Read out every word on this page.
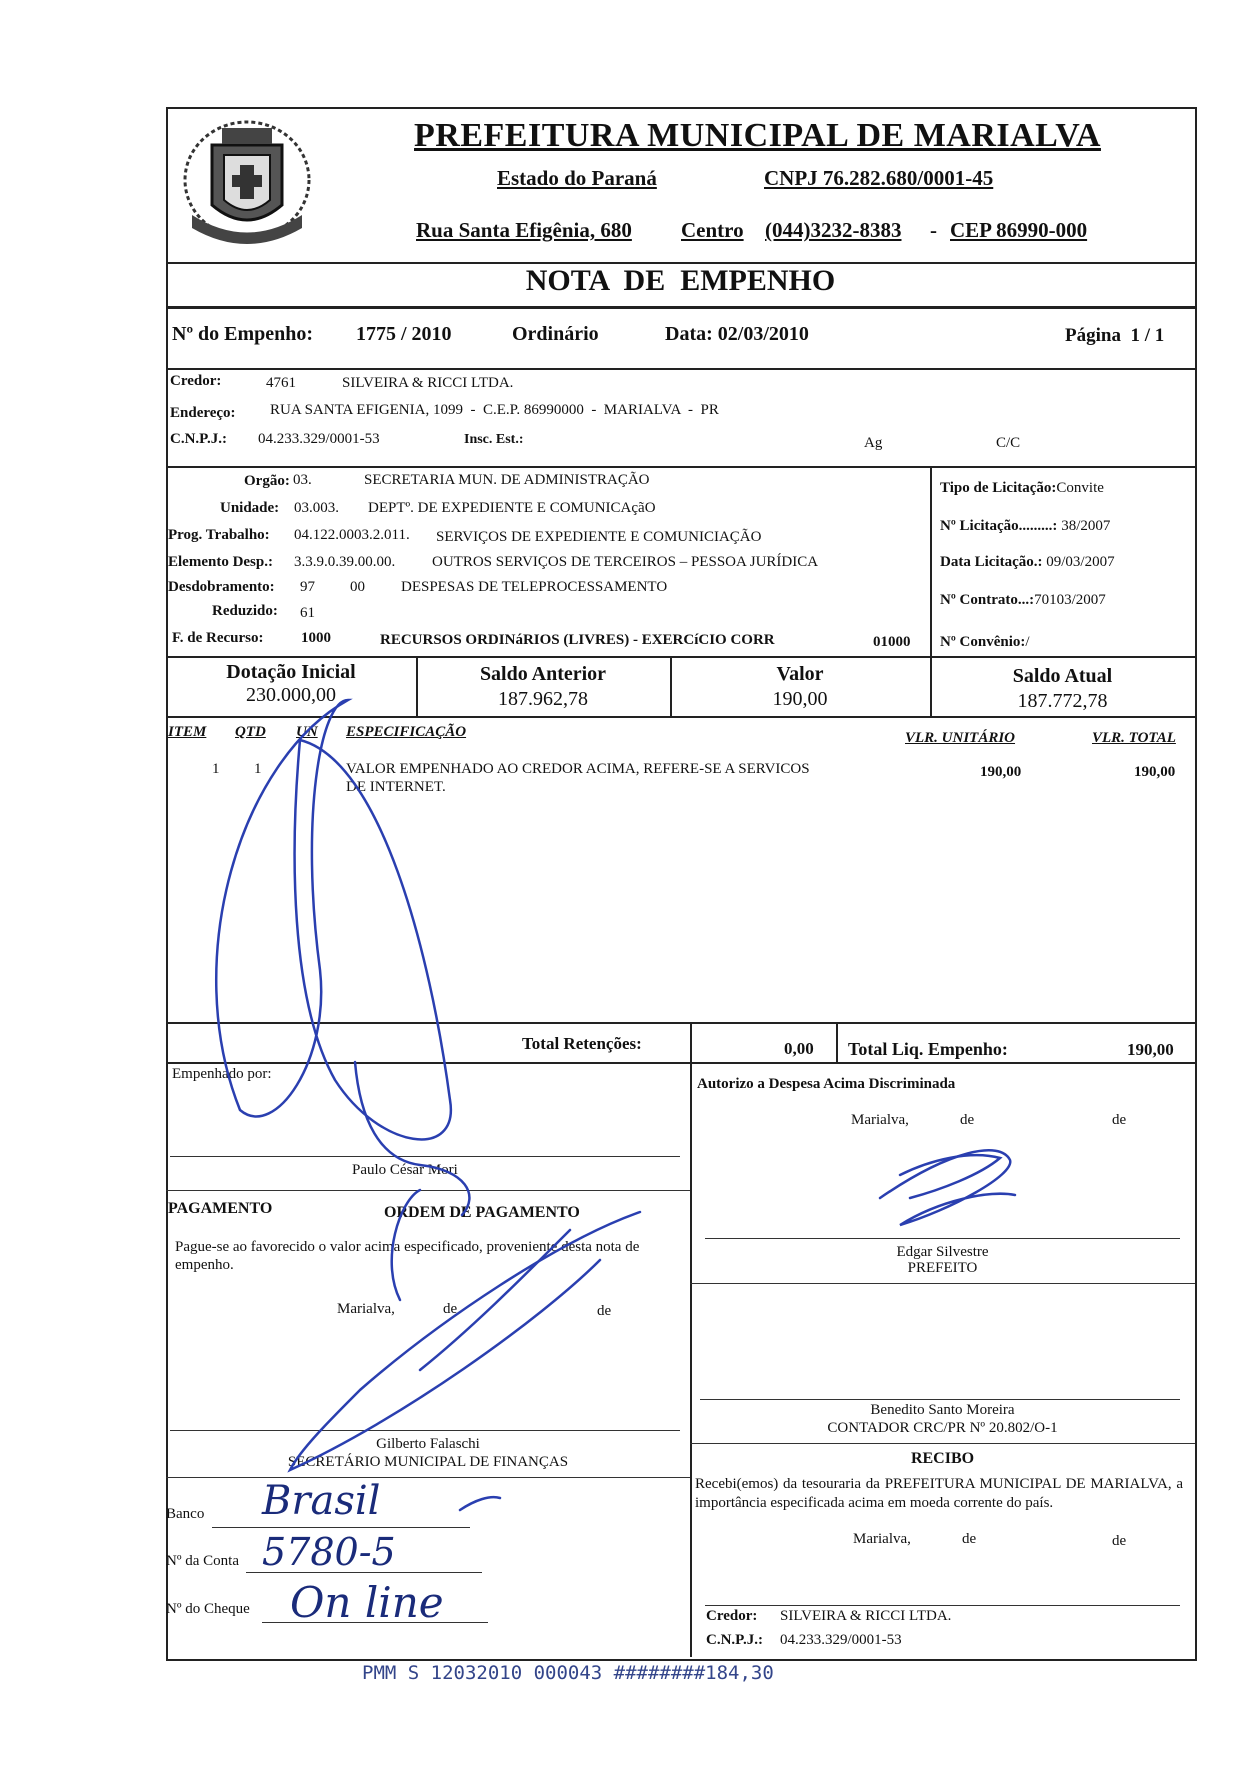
PREFEITURA MUNICIPAL DE MARIALVA
Estado do Paraná	CNPJ 76.282.680/0001-45
Rua Santa Efigênia, 680 Centro (044)3232-8383 - CEP 86990-000
NOTA  DE  EMPENHO
Nº do Empenho: 1775 / 2010	Ordinário	Data: 02/03/2010	Página  1 / 1
Credor:	4761	SILVEIRA & RICCI LTDA.
Endereço: RUA SANTA EFIGENIA, 1099  -  C.E.P. 86990000  -  MARIALVA  -  PR
C.N.P.J.: 04.233.329/0001-53	Insc. Est.:	Ag	C/C
Orgão: 03.	SECRETARIA MUN. DE ADMINISTRAÇÃO
Unidade: 03.003. DEPTº. DE EXPEDIENTE E COMUNICAçãO
Prog. Trabalho: 04.122.0003.2.011. SERVIÇOS DE EXPEDIENTE E COMUNICIAÇÃO
Elemento Desp.: 3.3.9.0.39.00.00. OUTROS SERVIÇOS DE TERCEIROS – PESSOA JURÍDICA
Desdobramento: 97 00 DESPESAS DE TELEPROCESSAMENTO
Reduzido: 61
F. de Recurso: 1000	RECURSOS ORDINáRIOS (LIVRES) - EXERCíCIO CORR	01000
Tipo de Licitação:Convite
Nº Licitação.........: 38/2007
Data Licitação.: 09/03/2007
Nº Contrato...:70103/2007
Nº Convênio:/
Dotação Inicial
230.000,00
Saldo Anterior
187.962,78
Valor
190,00
Saldo Atual
187.772,78
ITEM QTD UN ESPECIFICAÇÃO	VLR. UNITÁRIO	VLR. TOTAL
1 1	VALOR EMPENHADO AO CREDOR ACIMA, REFERE-SE A SERVICOS
DE INTERNET.
190,00	190,00
Total Retenções:	0,00 Total Liq. Empenho:	190,00
Empenhado por:
Paulo César Mori
Autorizo a Despesa Acima Discriminada
Marialva,	de	de
Edgar Silvestre
PREFEITO
PAGAMENTO	ORDEM DE PAGAMENTO
Pague-se ao favorecido o valor acima especificado, proveniente desta nota de empenho.
Marialva,	de	de
Gilberto Falaschi
SECRETÁRIO MUNICIPAL DE FINANÇAS
Benedito Santo Moreira
CONTADOR CRC/PR Nº 20.802/O-1
RECIBO
Recebi(emos) da tesouraria da PREFEITURA MUNICIPAL DE MARIALVA, a importância especificada acima em moeda corrente do país.
Marialva,	de	de
Credor: SILVEIRA & RICCI LTDA.
C.N.P.J.: 04.233.329/0001-53
Banco Brasil
Nº da Conta 5780-5
Nº do Cheque On line
PMM S 12032010 000043 ########184,30
